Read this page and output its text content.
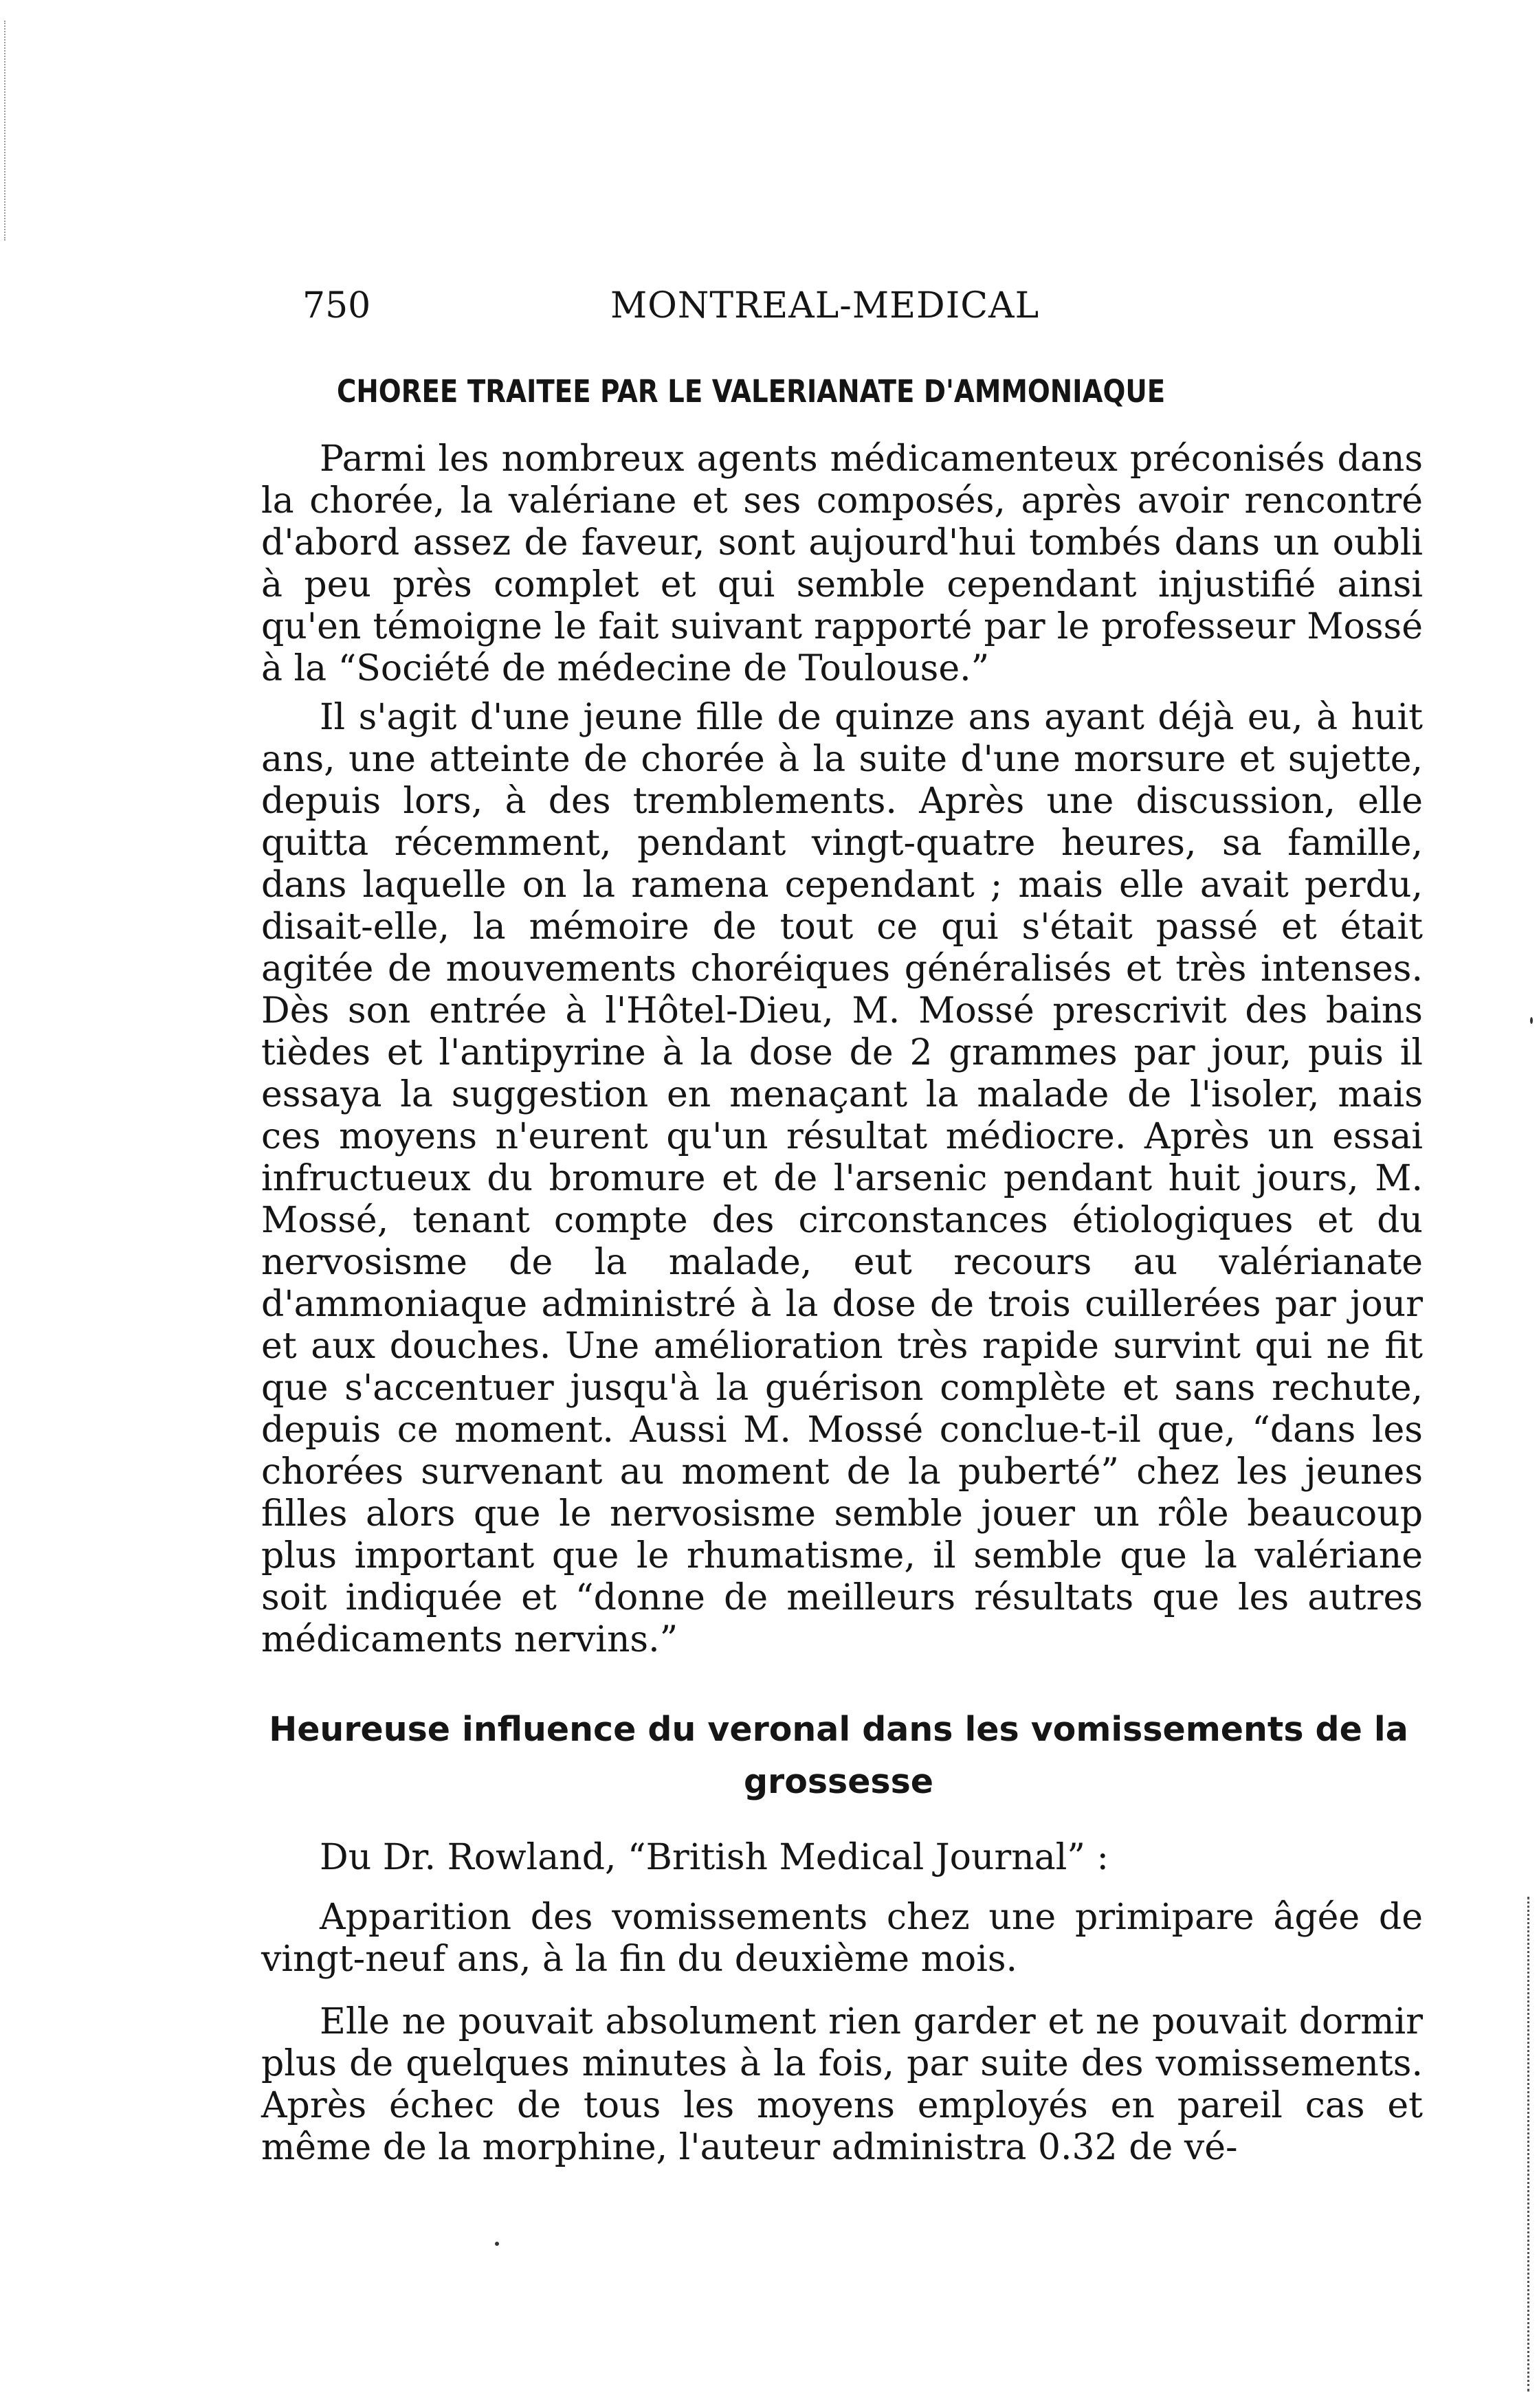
750	MONTREAL-MEDICAL
CHOREE TRAITEE PAR LE VALERIANATE D'AMMONIAQUE

Parmi les nombreux agents médicamenteux préconisés dans la chorée, la valériane et ses composés, après avoir rencontré d'abord assez de faveur, sont aujourd'hui tombés dans un oubli à peu près complet et qui semble cependant injustifié ainsi qu'en témoigne le fait suivant rapporté par le professeur Mossé à la “Société de médecine de Toulouse.”

Il s'agit d'une jeune fille de quinze ans ayant déjà eu, à huit ans, une atteinte de chorée à la suite d'une morsure et sujette, depuis lors, à des tremblements. Après une discussion, elle quitta récemment, pendant vingt-quatre heures, sa famille, dans laquelle on la ramena cependant ; mais elle avait perdu, disait-elle, la mémoire de tout ce qui s'était passé et était agitée de mouvements choréiques généralisés et très intenses. Dès son entrée à l'Hôtel-Dieu, M. Mossé prescrivit des bains tièdes et l'antipyrine à la dose de 2 grammes par jour, puis il essaya la suggestion en menaçant la malade de l'isoler, mais ces moyens n'eurent qu'un résultat médiocre. Après un essai infructueux du bromure et de l'arsenic pendant huit jours, M. Mossé, tenant compte des circonstances étiologiques et du nervosisme de la malade, eut recours au valérianate d'ammoniaque administré à la dose de trois cuillerées par jour et aux douches. Une amélioration très rapide survint qui ne fit que s'accentuer jusqu'à la guérison complète et sans rechute, depuis ce moment. Aussi M. Mossé conclue-t-il que, “dans les chorées survenant au moment de la puberté” chez les jeunes filles alors que le nervosisme semble jouer un rôle beaucoup plus important que le rhumatisme, il semble que la valériane soit indiquée et “donne de meilleurs résultats que les autres médicaments nervins.”

Heureuse influence du veronal dans les vomissements de la grossesse

Du Dr. Rowland, “British Medical Journal” :

Apparition des vomissements chez une primipare âgée de vingt-neuf ans, à la fin du deuxième mois.

Elle ne pouvait absolument rien garder et ne pouvait dormir plus de quelques minutes à la fois, par suite des vomissements. Après échec de tous les moyens employés en pareil cas et même de la morphine, l'auteur administra 0.32 de vé-
